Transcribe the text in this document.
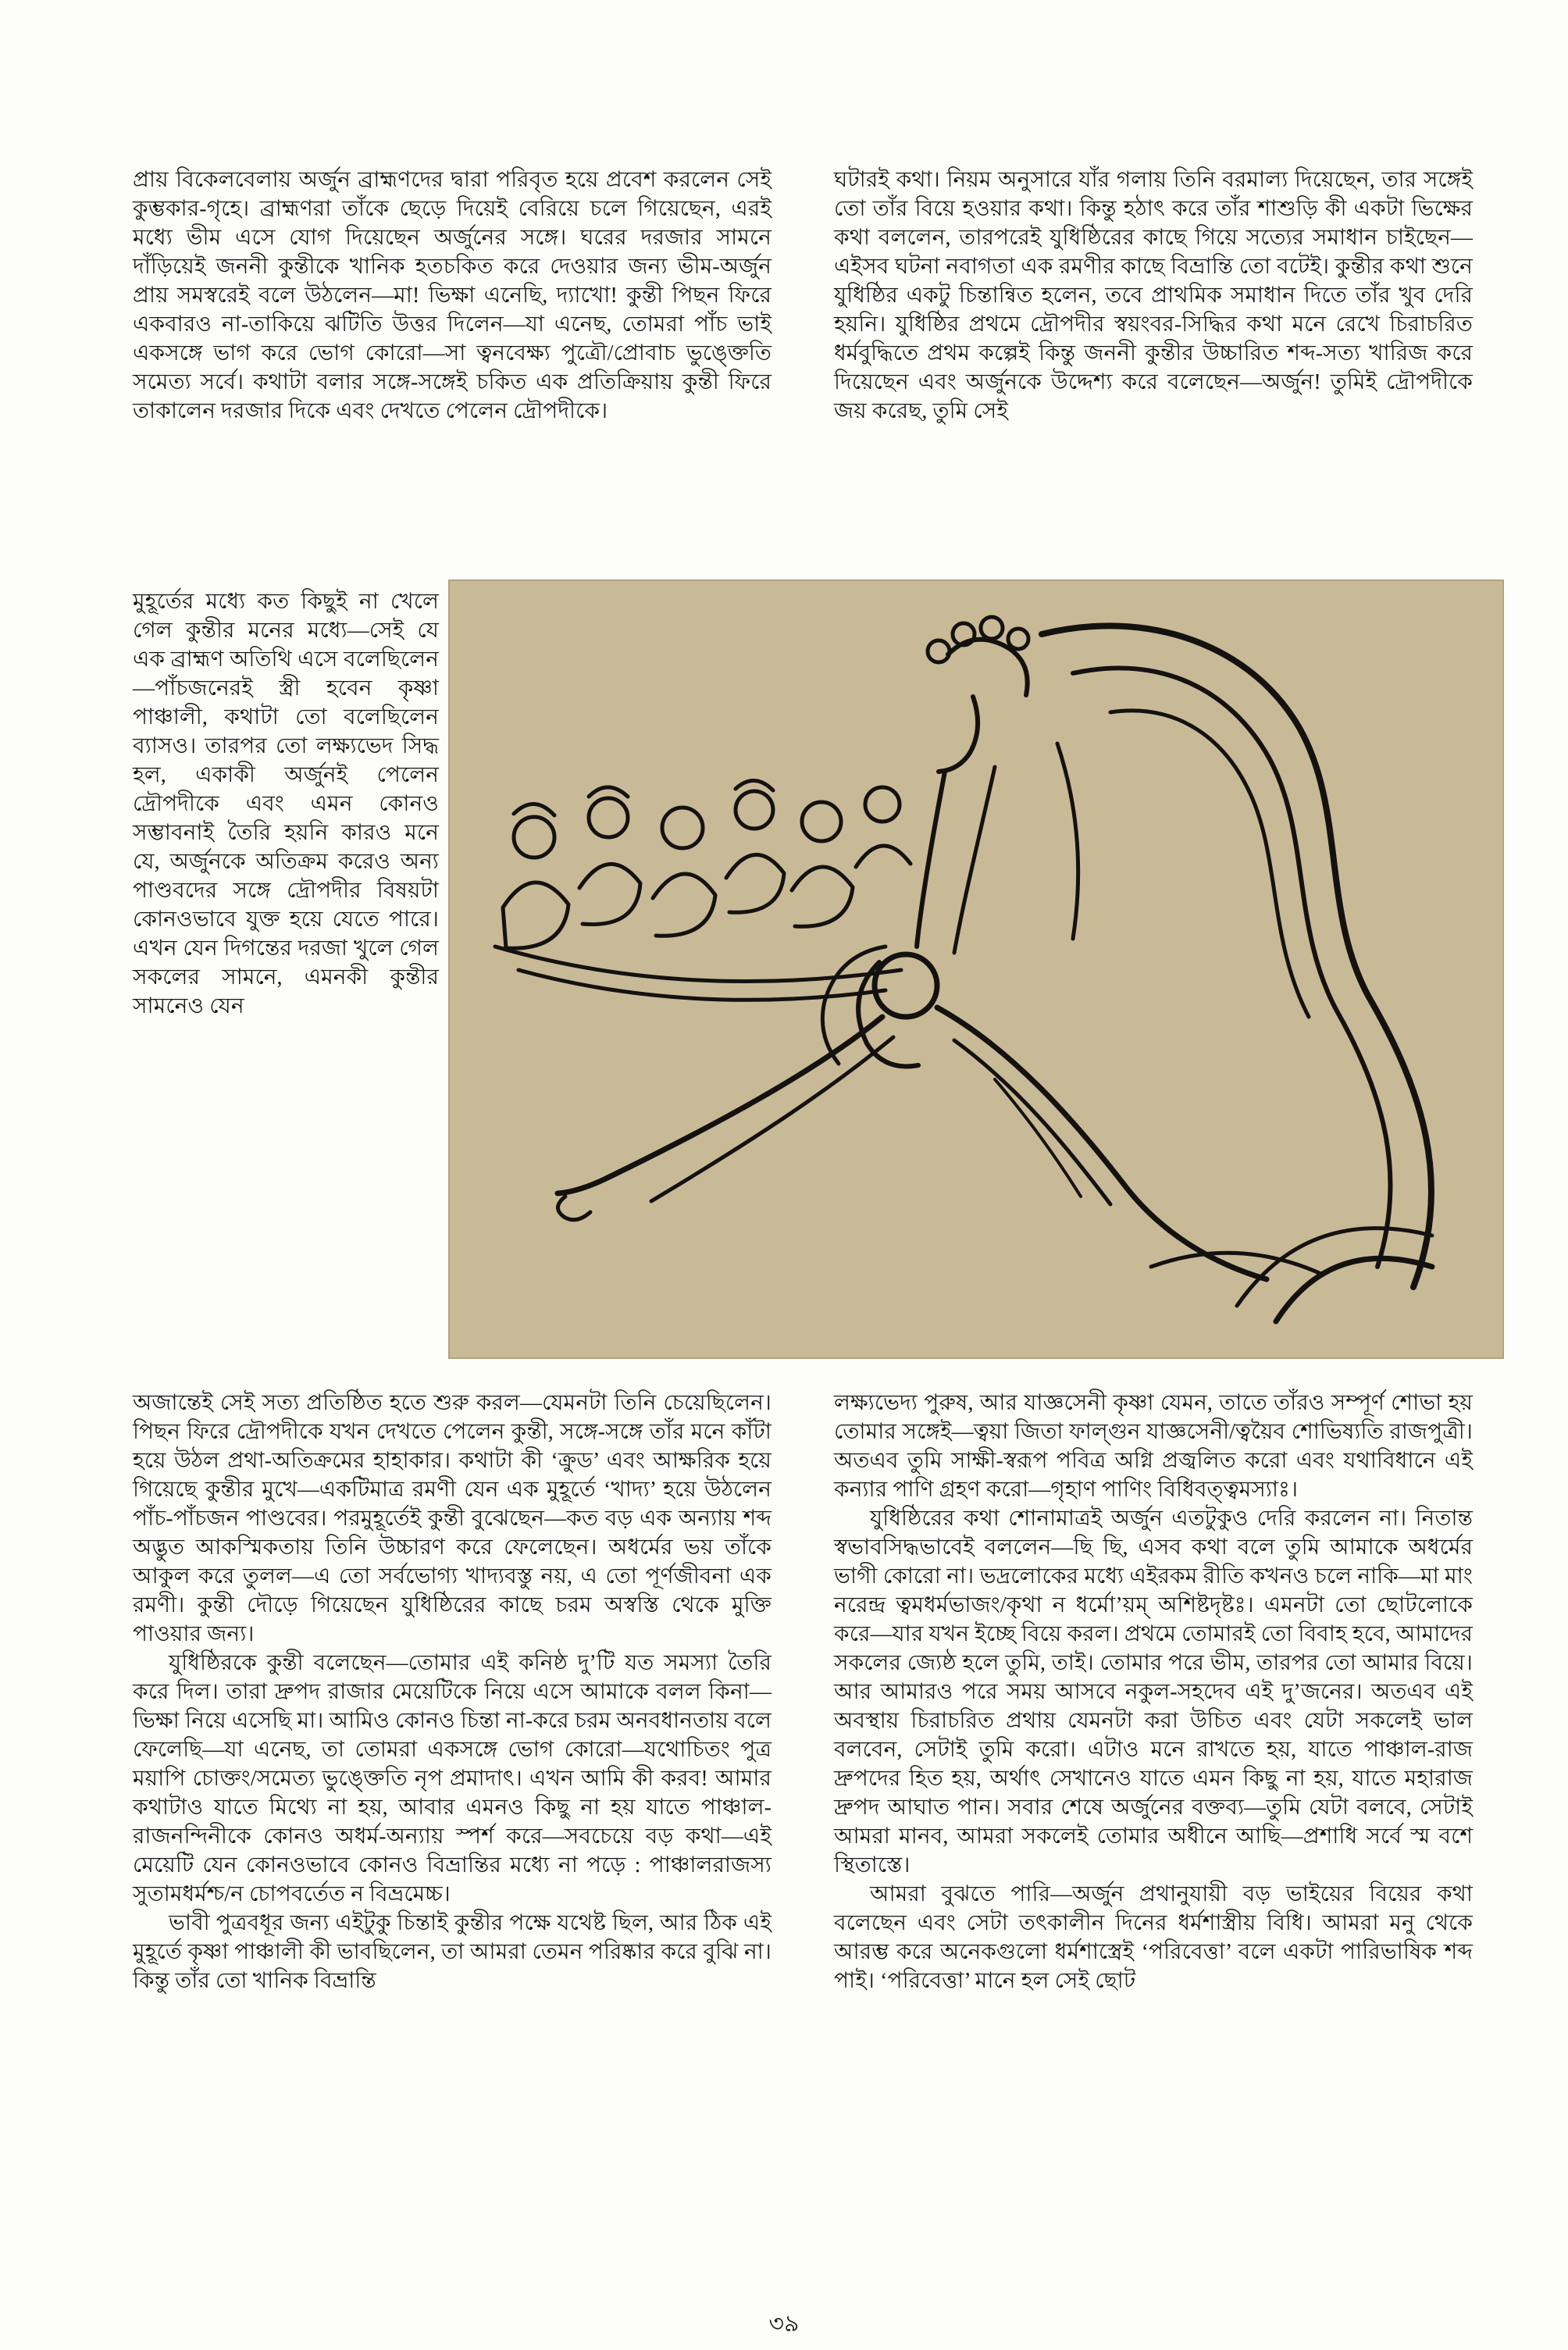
প্রায় বিকেলবেলায় অর্জুন ব্রাহ্মণদের দ্বারা পরিবৃত হয়ে প্রবেশ করলেন সেই কুম্ভকার-গৃহে। ব্রাহ্মণরা তাঁকে ছেড়ে দিয়েই বেরিয়ে চলে গিয়েছেন, এরই মধ্যে ভীম এসে যোগ দিয়েছেন অর্জুনের সঙ্গে। ঘরের দরজার সামনে দাঁড়িয়েই জননী কুন্তীকে খানিক হতচকিত করে দেওয়ার জন্য ভীম-অর্জুন প্রায় সমস্বরেই বলে উঠলেন—মা! ভিক্ষা এনেছি, দ্যাখো! কুন্তী পিছন ফিরে একবারও না-তাকিয়ে ঝটিতি উত্তর দিলেন—যা এনেছ, তোমরা পাঁচ ভাই একসঙ্গে ভাগ করে ভোগ কোরো—সা ত্বনবেক্ষ্য পুত্রৌ/প্রোবাচ ভুঙ্ক্তেতি সমেত্য সর্বে। কথাটা বলার সঙ্গে-সঙ্গেই চকিত এক প্রতিক্রিয়ায় কুন্তী ফিরে তাকালেন দরজার দিকে এবং দেখতে পেলেন দ্রৌপদীকে।

ঘটারই কথা। নিয়ম অনুসারে যাঁর গলায় তিনি বরমাল্য দিয়েছেন, তার সঙ্গেই তো তাঁর বিয়ে হওয়ার কথা। কিন্তু হঠাৎ করে তাঁর শাশুড়ি কী একটা ভিক্ষের কথা বললেন, তারপরেই যুধিষ্ঠিরের কাছে গিয়ে সত্যের সমাধান চাইছেন—এইসব ঘটনা নবাগতা এক রমণীর কাছে বিভ্রান্তি তো বটেই। কুন্তীর কথা শুনে যুধিষ্ঠির একটু চিন্তান্বিত হলেন, তবে প্রাথমিক সমাধান দিতে তাঁর খুব দেরি হয়নি। যুধিষ্ঠির প্রথমে দ্রৌপদীর স্বয়ংবর-সিদ্ধির কথা মনে রেখে চিরাচরিত ধর্মবুদ্ধিতে প্রথম কল্পেই কিন্তু জননী কুন্তীর উচ্চারিত শব্দ-সত্য খারিজ করে দিয়েছেন এবং অর্জুনকে উদ্দেশ্য করে বলেছেন—অর্জুন! তুমিই দ্রৌপদীকে জয় করেছ, তুমি সেই

মুহূর্তের মধ্যে কত কিছুই না খেলে গেল কুন্তীর মনের মধ্যে—সেই যে এক ব্রাহ্মণ অতিথি এসে বলেছিলেন—পাঁচজনেরই স্ত্রী হবেন কৃষ্ণা পাঞ্চালী, কথাটা তো বলেছিলেন ব্যাসও। তারপর তো লক্ষ্যভেদ সিদ্ধ হল, একাকী অর্জুনই পেলেন দ্রৌপদীকে এবং এমন কোনও সম্ভাবনাই তৈরি হয়নি কারও মনে যে, অর্জুনকে অতিক্রম করেও অন্য পাণ্ডবদের সঙ্গে দ্রৌপদীর বিষয়টা কোনওভাবে যুক্ত হয়ে যেতে পারে। এখন যেন দিগন্তের দরজা খুলে গেল সকলের সামনে, এমনকী কুন্তীর সামনেও যেন

অজান্তেই সেই সত্য প্রতিষ্ঠিত হতে শুরু করল—যেমনটা তিনি চেয়েছিলেন। পিছন ফিরে দ্রৌপদীকে যখন দেখতে পেলেন কুন্তী, সঙ্গে-সঙ্গে তাঁর মনে কাঁটা হয়ে উঠল প্রথা-অতিক্রমের হাহাকার। কথাটা কী ‘ক্রুড’ এবং আক্ষরিক হয়ে গিয়েছে কুন্তীর মুখে—একটিমাত্র রমণী যেন এক মুহূর্তে ‘খাদ্য’ হয়ে উঠলেন পাঁচ-পাঁচজন পাণ্ডবের। পরমুহূর্তেই কুন্তী বুঝেছেন—কত বড় এক অন্যায় শব্দ অদ্ভুত আকস্মিকতায় তিনি উচ্চারণ করে ফেলেছেন। অধর্মের ভয় তাঁকে আকুল করে তুলল—এ তো সর্বভোগ্য খাদ্যবস্তু নয়, এ তো পূর্ণজীবনা এক রমণী। কুন্তী দৌড়ে গিয়েছেন যুধিষ্ঠিরের কাছে চরম অস্বস্তি থেকে মুক্তি পাওয়ার জন্য।

যুধিষ্ঠিরকে কুন্তী বলেছেন—তোমার এই কনিষ্ঠ দু’টি যত সমস্যা তৈরি করে দিল। তারা দ্রুপদ রাজার মেয়েটিকে নিয়ে এসে আমাকে বলল কিনা—ভিক্ষা নিয়ে এসেছি মা। আমিও কোনও চিন্তা না-করে চরম অনবধানতায় বলে ফেলেছি—যা এনেছ, তা তোমরা একসঙ্গে ভোগ কোরো—যথোচিতং পুত্র ময়াপি চোক্তং/সমেত্য ভুঙ্ক্তেতি নৃপ প্রমাদাৎ। এখন আমি কী করব! আমার কথাটাও যাতে মিথ্যে না হয়, আবার এমনও কিছু না হয় যাতে পাঞ্চাল-রাজনন্দিনীকে কোনও অধর্ম-অন্যায় স্পর্শ করে—সবচেয়ে বড় কথা—এই মেয়েটি যেন কোনওভাবে কোনও বিভ্রান্তির মধ্যে না পড়ে : পাঞ্চালরাজস্য সুতামধর্মশ্চ/ন চোপবর্তেত ন বিভ্রমেচ্চ।

ভাবী পুত্রবধূর জন্য এইটুকু চিন্তাই কুন্তীর পক্ষে যথেষ্ট ছিল, আর ঠিক এই মুহূর্তে কৃষ্ণা পাঞ্চালী কী ভাবছিলেন, তা আমরা তেমন পরিষ্কার করে বুঝি না। কিন্তু তাঁর তো খানিক বিভ্রান্তি

লক্ষ্যভেদ্য পুরুষ, আর যাজ্ঞসেনী কৃষ্ণা যেমন, তাতে তাঁরও সম্পূর্ণ শোভা হয় তোমার সঙ্গেই—ত্বয়া জিতা ফাল্গুন যাজ্ঞসেনী/ত্বয়ৈব শোভিষ্যতি রাজপুত্রী। অতএব তুমি সাক্ষী-স্বরূপ পবিত্র অগ্নি প্রজ্বলিত করো এবং যথাবিধানে এই কন্যার পাণি গ্রহণ করো—গৃহাণ পাণিং বিধিবত্ত্বমস্যাঃ।

যুধিষ্ঠিরের কথা শোনামাত্রই অর্জুন এতটুকুও দেরি করলেন না। নিতান্ত স্বভাবসিদ্ধভাবেই বললেন—ছি ছি, এসব কথা বলে তুমি আমাকে অধর্মের ভাগী কোরো না। ভদ্রলোকের মধ্যে এইরকম রীতি কখনও চলে নাকি—মা মাং নরেন্দ্র ত্বমধর্মভাজং/কৃথা ন ধর্মো’য়ম্ অশিষ্টদৃষ্টঃ। এমনটা তো ছোটলোকে করে—যার যখন ইচ্ছে বিয়ে করল। প্রথমে তোমারই তো বিবাহ হবে, আমাদের সকলের জ্যেষ্ঠ হলে তুমি, তাই। তোমার পরে ভীম, তারপর তো আমার বিয়ে। আর আমারও পরে সময় আসবে নকুল-সহদেব এই দু’জনের। অতএব এই অবস্থায় চিরাচরিত প্রথায় যেমনটা করা উচিত এবং যেটা সকলেই ভাল বলবেন, সেটাই তুমি করো। এটাও মনে রাখতে হয়, যাতে পাঞ্চাল-রাজ দ্রুপদের হিত হয়, অর্থাৎ সেখানেও যাতে এমন কিছু না হয়, যাতে মহারাজ দ্রুপদ আঘাত পান। সবার শেষে অর্জুনের বক্তব্য—তুমি যেটা বলবে, সেটাই আমরা মানব, আমরা সকলেই তোমার অধীনে আছি—প্রশাধি সর্বে স্ম বশে স্থিতাস্তে।

আমরা বুঝতে পারি—অর্জুন প্রথানুযায়ী বড় ভাইয়ের বিয়ের কথা বলেছেন এবং সেটা তৎকালীন দিনের ধর্মশাস্ত্রীয় বিধি। আমরা মনু থেকে আরম্ভ করে অনেকগুলো ধর্মশাস্ত্রেই ‘পরিবেত্তা’ বলে একটা পারিভাষিক শব্দ পাই। ‘পরিবেত্তা’ মানে হল সেই ছোট

৩৯
